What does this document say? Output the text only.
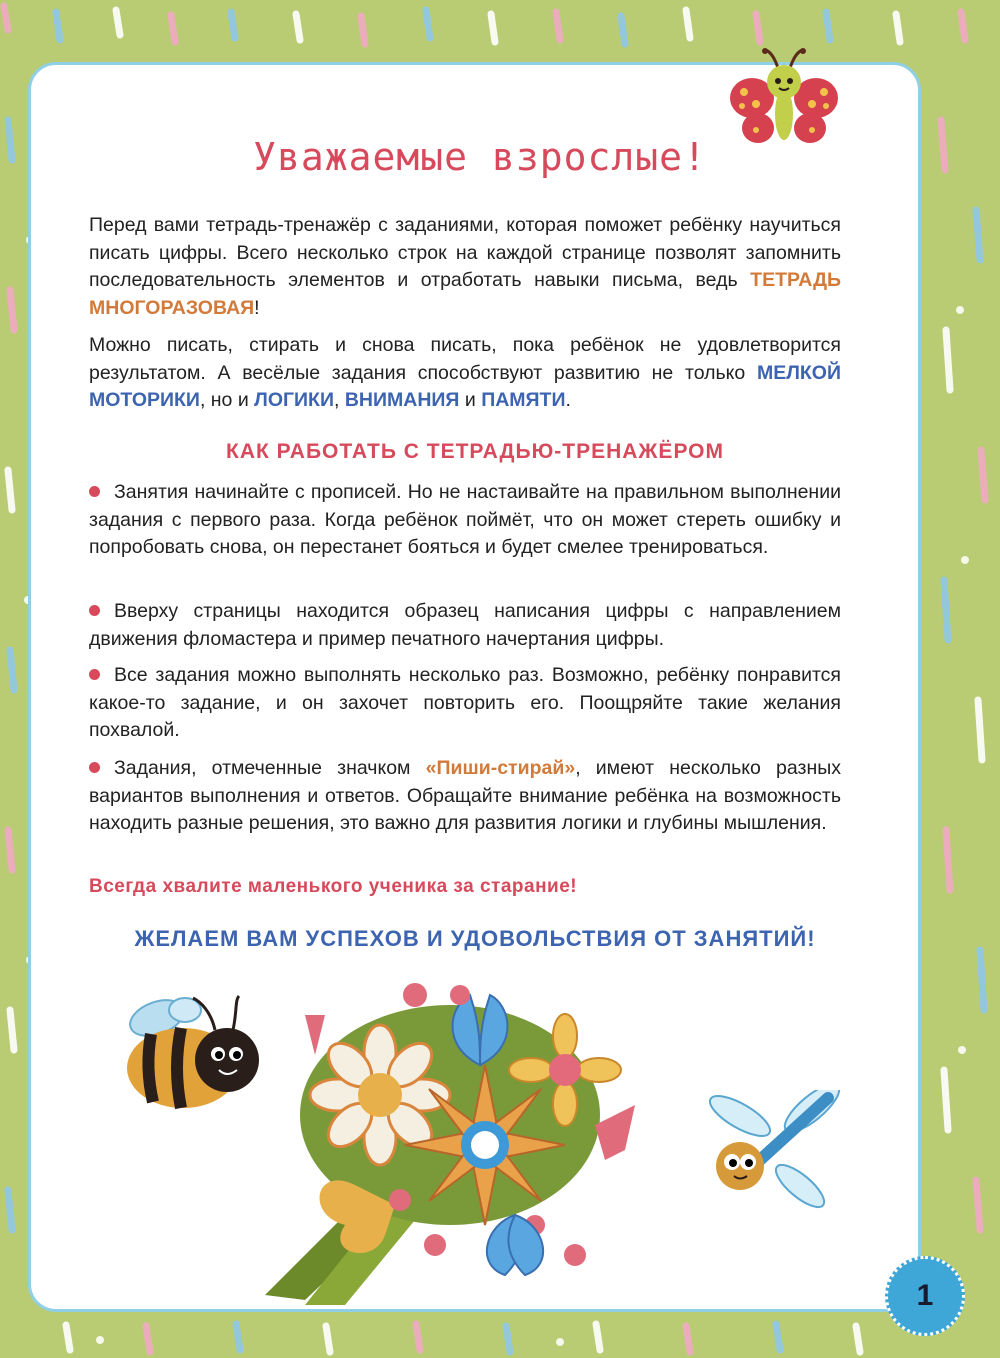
Уважаемые взрослые!

Перед вами тетрадь-тренажёр с заданиями, которая поможет ребёнку научиться писать цифры. Всего несколько строк на каждой странице позволят запомнить последовательность элементов и отработать навыки письма, ведь ТЕТРАДЬ МНОГОРАЗОВАЯ!

Можно писать, стирать и снова писать, пока ребёнок не удовлетворится результатом. А весёлые задания способствуют развитию не только МЕЛКОЙ МОТОРИКИ, но и ЛОГИКИ, ВНИМАНИЯ и ПАМЯТИ.

КАК РАБОТАТЬ С ТЕТРАДЬЮ-ТРЕНАЖЁРОМ

Занятия начинайте с прописей. Но не настаивайте на правильном выполнении задания с первого раза. Когда ребёнок поймёт, что он может стереть ошибку и попробовать снова, он перестанет бояться и будет смелее тренироваться.

Вверху страницы находится образец написания цифры с направлением движения фломастера и пример печатного начертания цифры.

Все задания можно выполнять несколько раз. Возможно, ребёнку понравится какое-то задание, и он захочет повторить его. Поощряйте такие желания похвалой.

Задания, отмеченные значком «Пиши-стирай», имеют несколько разных вариантов выполнения и ответов. Обращайте внимание ребёнка на возможность находить разные решения, это важно для развития логики и глубины мышления.

Всегда хвалите маленького ученика за старание!

ЖЕЛАЕМ ВАМ УСПЕХОВ И УДОВОЛЬСТВИЯ ОТ ЗАНЯТИЙ!

1
